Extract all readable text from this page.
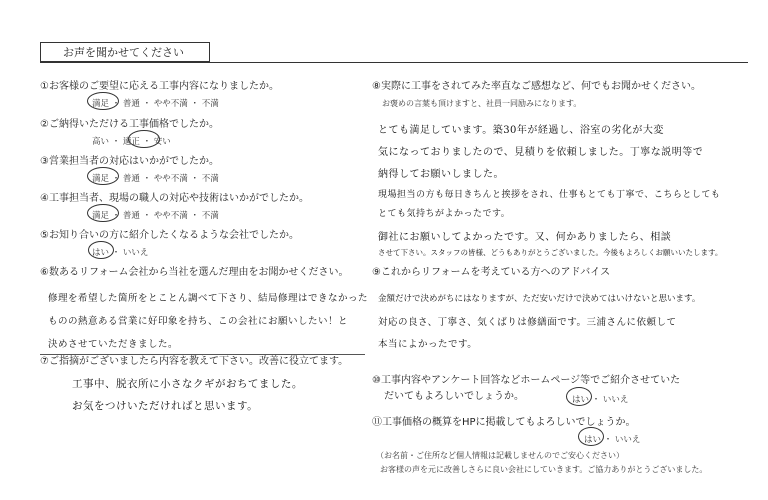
お声を聞かせてください
①お客様のご要望に応える工事内容になりましたか。
満足 ・ 普通 ・ やや不満 ・ 不満
②ご納得いただける工事価格でしたか。
高い ・ 適正 ・ 安い
③営業担当者の対応はいかがでしたか。
満足 ・ 普通 ・ やや不満 ・ 不満
④工事担当者、現場の職人の対応や技術はいかがでしたか。
満足 ・ 普通 ・ やや不満 ・ 不満
⑤お知り合いの方に紹介したくなるような会社でしたか。
はい ・ いいえ
⑥数あるリフォーム会社から当社を選んだ理由をお聞かせください。
修理を希望した箇所をとことん調べて下さり、結局修理はできなかった
ものの熱意ある営業に好印象を持ち、この会社にお願いしたい！と
決めさせていただきました。
⑦ご指摘がございましたら内容を教えて下さい。改善に役立てます。
工事中、脱衣所に小さなクギがおちてました。
お気をつけいただければと思います。
⑧実際に工事をされてみた率直なご感想など、何でもお聞かせください。
お褒めの言葉も頂けますと、社員一同励みになります。
とても満足しています。築30年が経過し、浴室の劣化が大変
気になっておりましたので、見積りを依頼しました。丁寧な説明等で
納得してお願いしました。
現場担当の方も毎日きちんと挨拶をされ、仕事もとても丁寧で、こちらとしても
とても気持ちがよかったです。
御社にお願いしてよかったです。又、何かありましたら、相談
させて下さい。スタッフの皆様、どうもありがとうございました。今後もよろしくお願いいたします。
⑨これからリフォームを考えている方へのアドバイス
金額だけで決めがちにはなりますが、ただ安いだけで決めてはいけないと思います。
対応の良さ、丁寧さ、気くばりは修繕面です。三浦さんに依頼して
本当によかったです。
⑩工事内容やアンケート回答などホームページ等でご紹介させていた
だいてもよろしいでしょうか。	はい ・ いいえ
⑪工事価格の概算をHPに掲載してもよろしいでしょうか。
はい ・ いいえ
（お名前・ご住所など個人情報は記載しませんのでご安心ください）
お客様の声を元に改善しさらに良い会社にしていきます。ご協力ありがとうございました。
